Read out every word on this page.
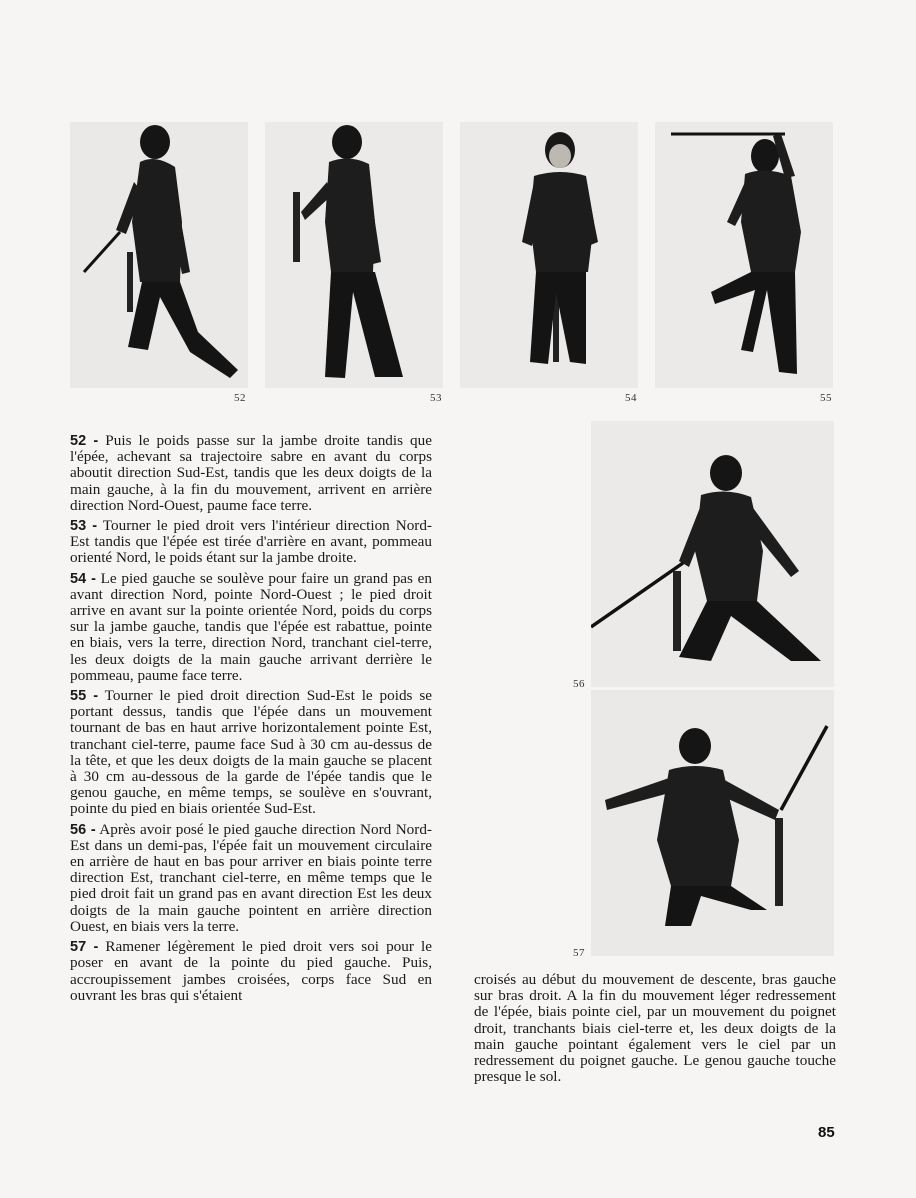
52	53	54	55
56
57

52 - Puis le poids passe sur la jambe droite tandis que l'épée, achevant sa trajectoire sabre en avant du corps aboutit direction Sud-Est, tandis que les deux doigts de la main gauche, à la fin du mouvement, arrivent en arrière direction Nord-Ouest, paume face terre.

53 - Tourner le pied droit vers l'intérieur direction Nord-Est tandis que l'épée est tirée d'arrière en avant, pommeau orienté Nord, le poids étant sur la jambe droite.

54 - Le pied gauche se soulève pour faire un grand pas en avant direction Nord, pointe Nord-Ouest ; le pied droit arrive en avant sur la pointe orientée Nord, poids du corps sur la jambe gauche, tandis que l'épée est rabattue, pointe en biais, vers la terre, direction Nord, tranchant ciel-terre, les deux doigts de la main gauche arrivant derrière le pommeau, paume face terre.

55 - Tourner le pied droit direction Sud-Est le poids se portant dessus, tandis que l'épée dans un mouvement tournant de bas en haut arrive horizontalement pointe Est, tranchant ciel-terre, paume face Sud à 30 cm au-dessus de la tête, et que les deux doigts de la main gauche se placent à 30 cm au-dessous de la garde de l'épée tandis que le genou gauche, en même temps, se soulève en s'ouvrant, pointe du pied en biais orientée Sud-Est.

56 - Après avoir posé le pied gauche direction Nord Nord-Est dans un demi-pas, l'épée fait un mouvement circulaire en arrière de haut en bas pour arriver en biais pointe terre direction Est, tranchant ciel-terre, en même temps que le pied droit fait un grand pas en avant direction Est les deux doigts de la main gauche pointent en arrière direction Ouest, en biais vers la terre.

57 - Ramener légèrement le pied droit vers soi pour le poser en avant de la pointe du pied gauche. Puis, accroupissement jambes croisées, corps face Sud en ouvrant les bras qui s'étaient

croisés au début du mouvement de descente, bras gauche sur bras droit. A la fin du mouvement léger redressement de l'épée, biais pointe ciel, par un mouvement du poignet droit, tranchants biais ciel-terre et, les deux doigts de la main gauche pointant également vers le ciel par un redressement du poignet gauche. Le genou gauche touche presque le sol.

85
